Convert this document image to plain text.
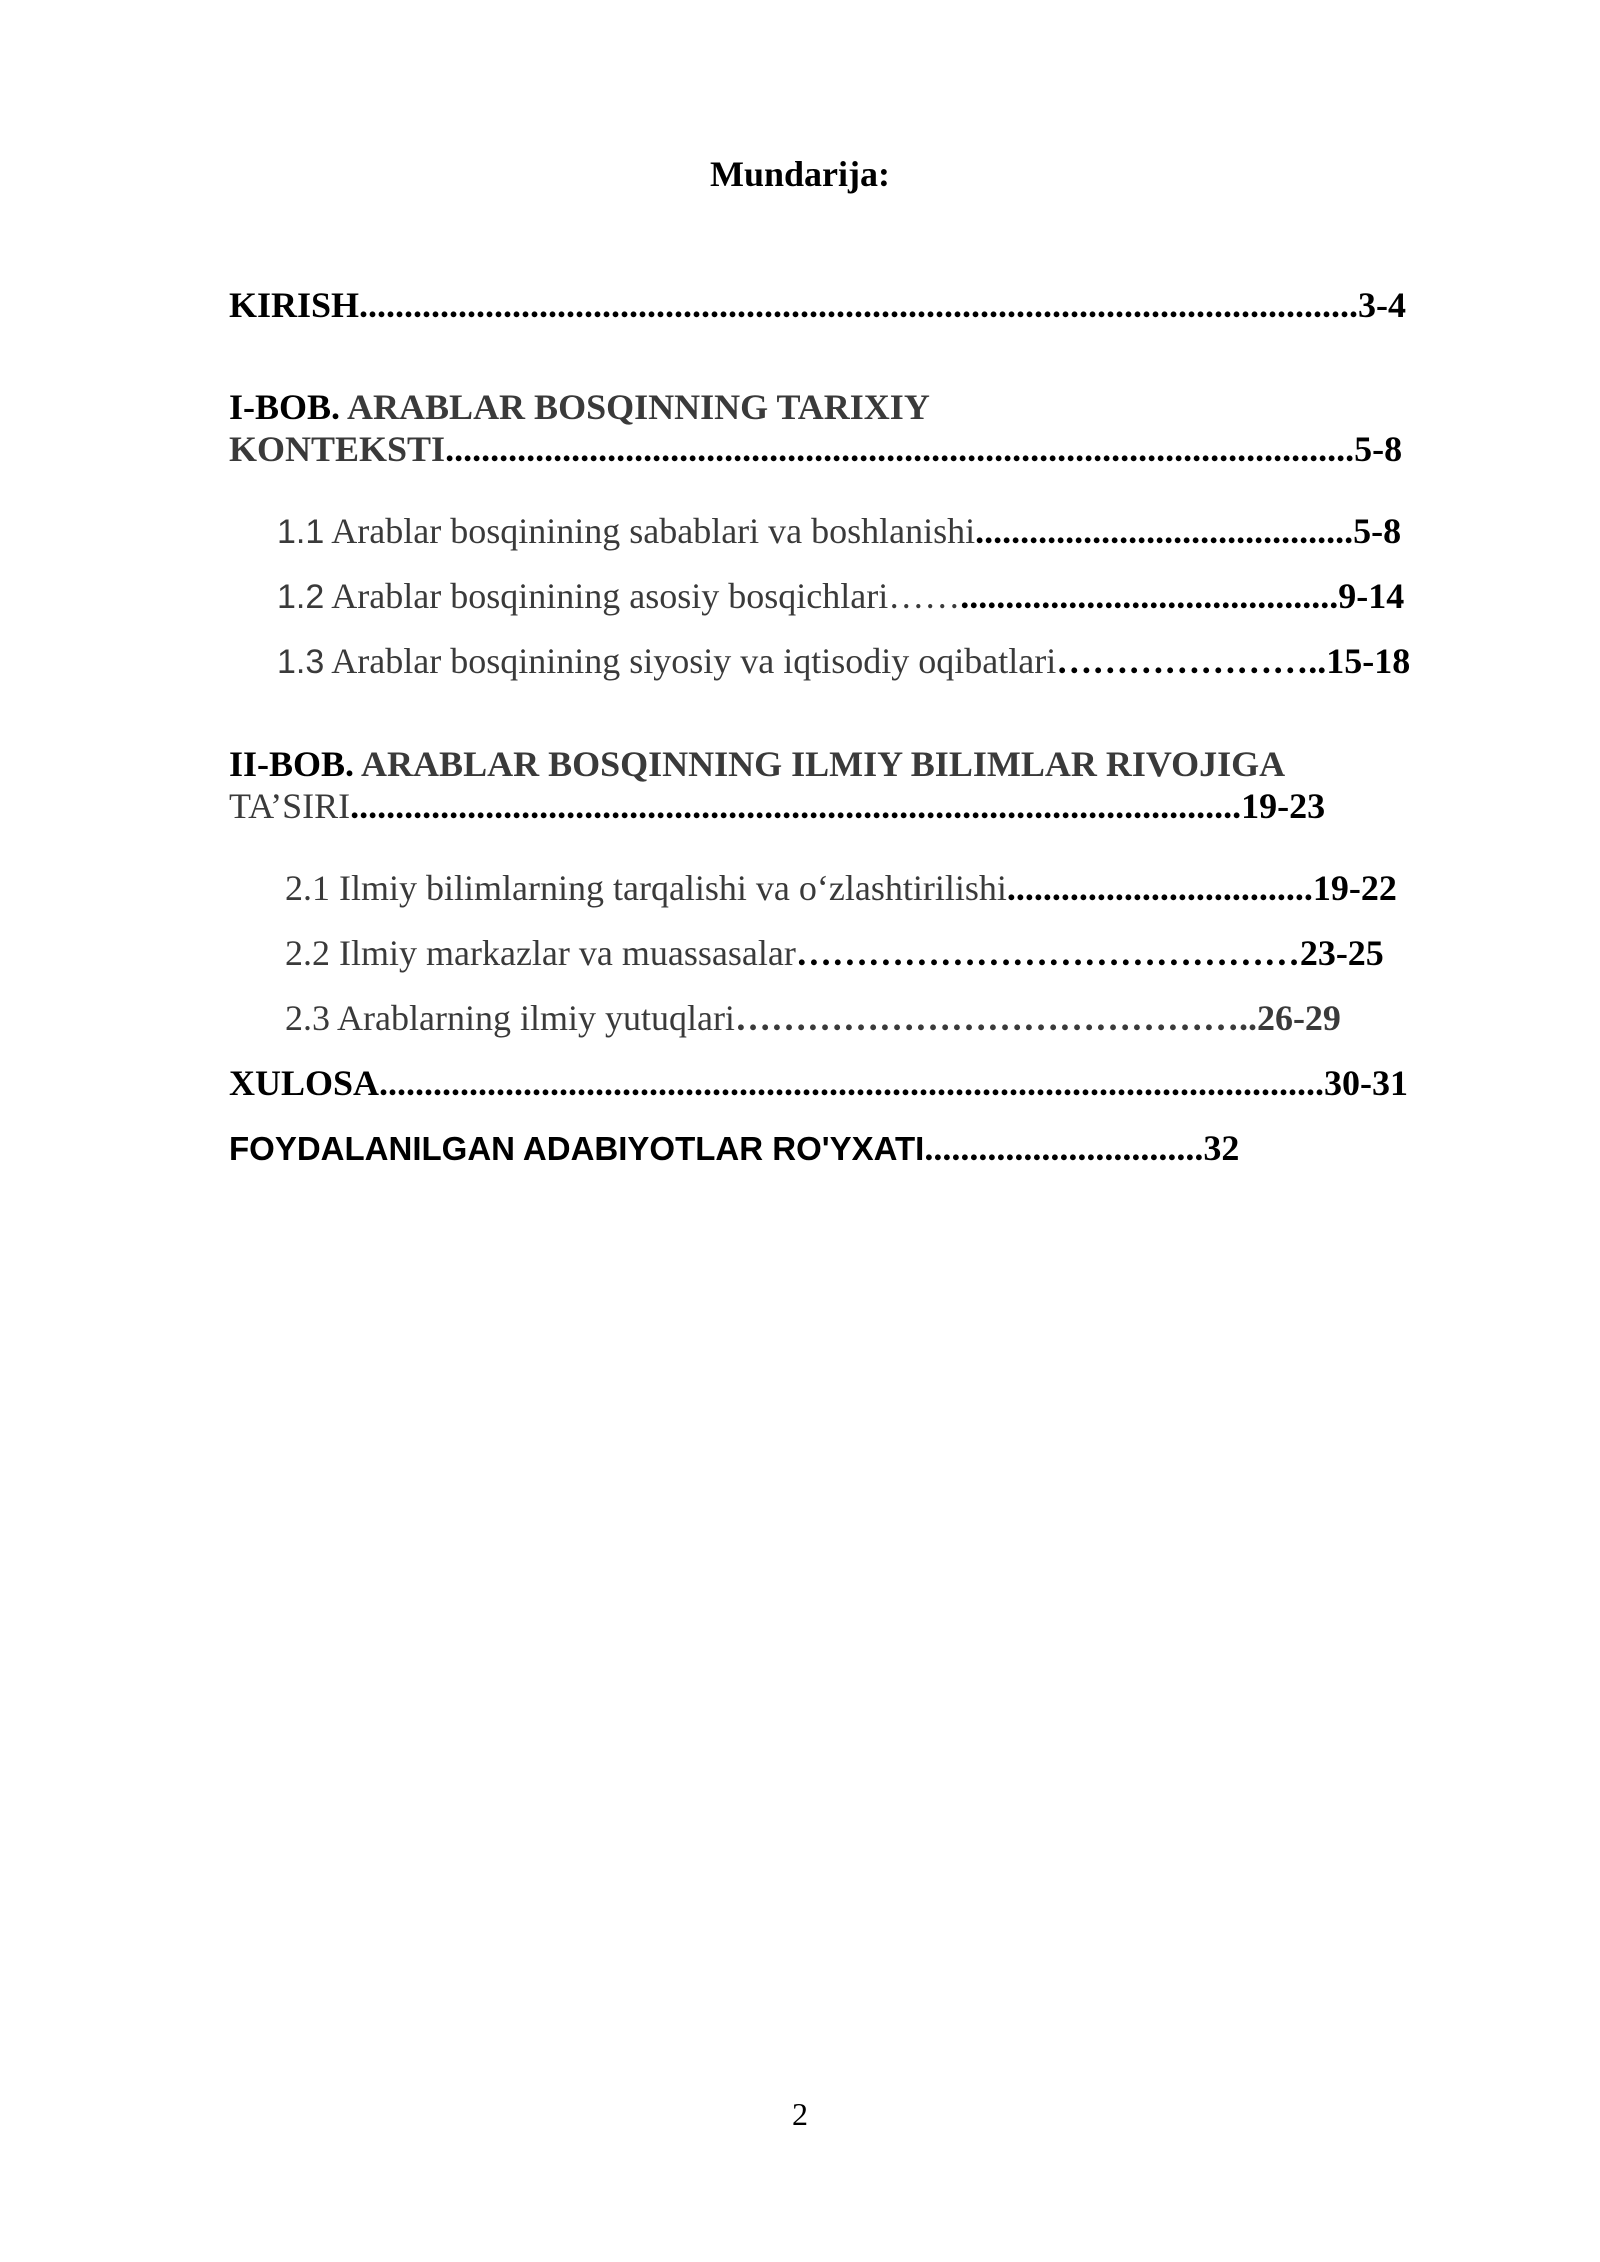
Mundarija:
KIRISH...............................................................................................................3-4
I-BOB. ARABLAR BOSQINNING TARIXIY
KONTEKSTI.....................................................................................................5-8
1.1 Arablar bosqinining sabablari va boshlanishi..........................................5-8
1.2 Arablar bosqinining asosiy bosqichlari……..........................................9-14
1.3 Arablar bosqinining siyosiy va iqtisodiy oqibatlari…………………..15-18
II-BOB. ARABLAR BOSQINNING ILMIY BILIMLAR RIVOJIGA
TA’SIRI...................................................................................................19-23
2.1 Ilmiy bilimlarning tarqalishi va o‘zlashtirilishi..................................19-22
2.2 Ilmiy markazlar va muassasalar……………………………………23-25
2.3 Arablarning ilmiy yutuqlari……………………………………..26-29
XULOSA.........................................................................................................30-31
FOYDALANILGAN ADABIYOTLAR RO'YXATI...............................32
2
